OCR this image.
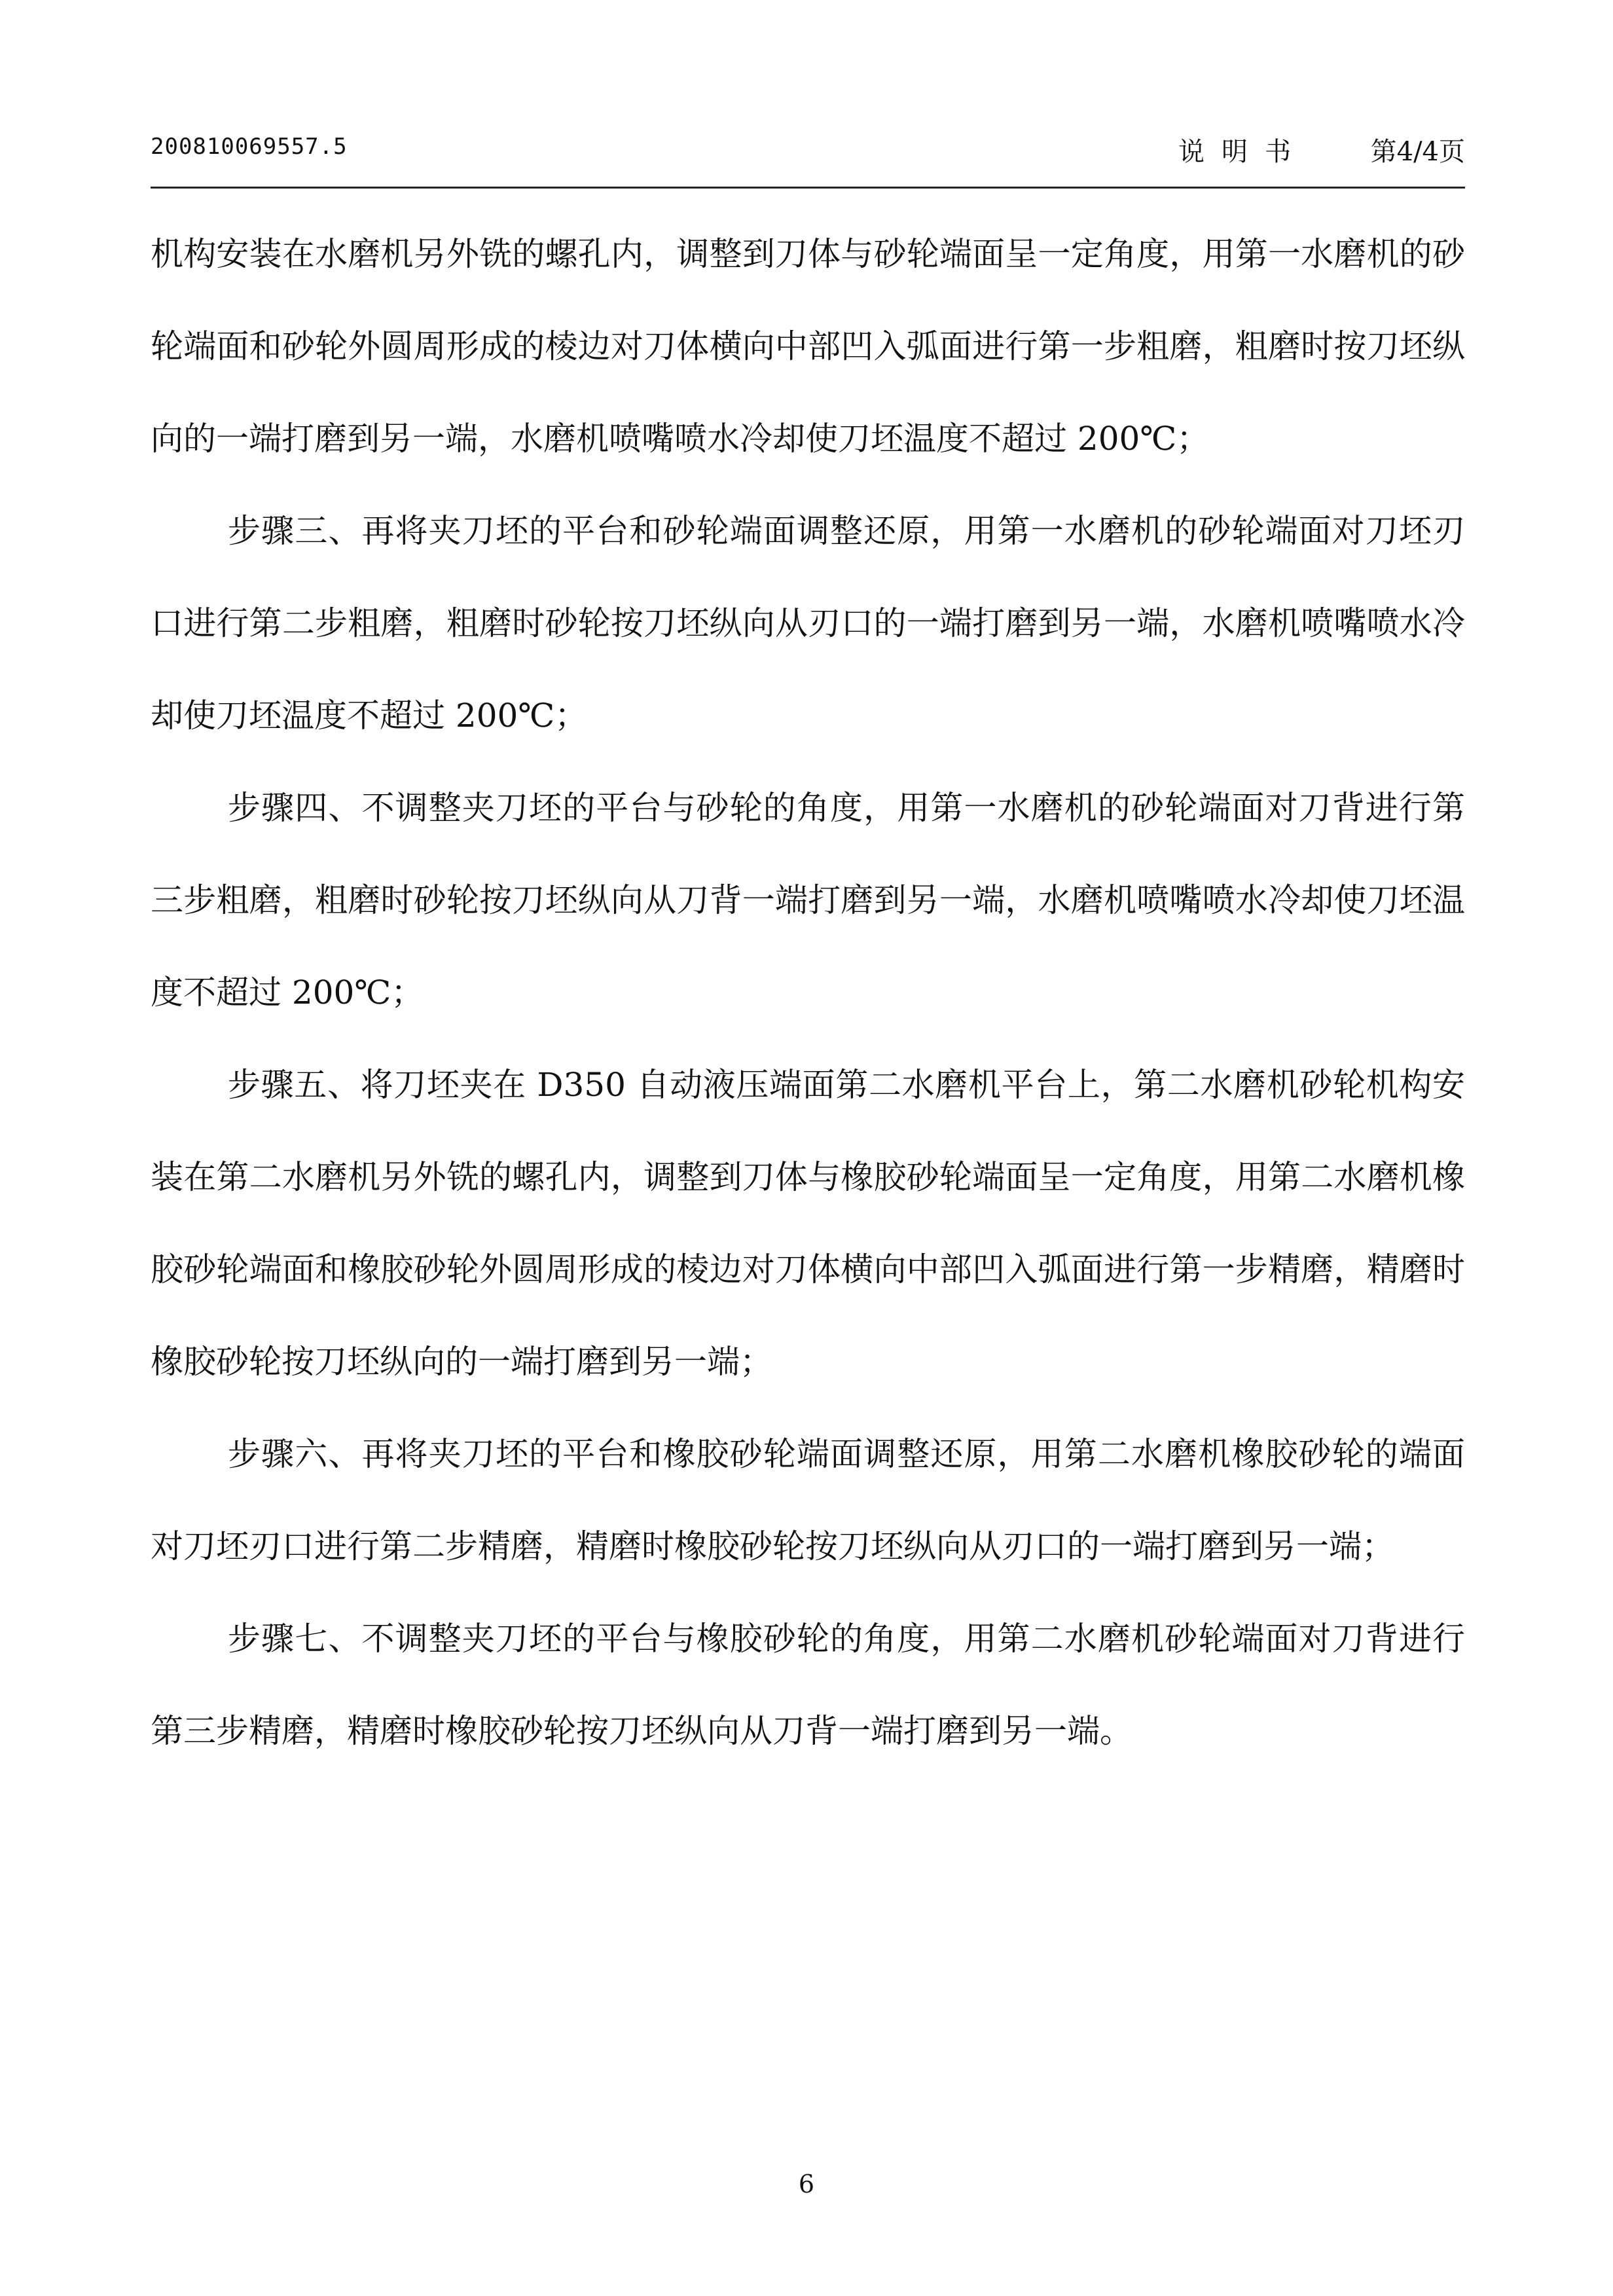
200810069557.5	说明书 第4/4页

机构安装在水磨机另外铣的螺孔内，调整到刀体与砂轮端面呈一定角度，用第一水磨机的砂轮端面和砂轮外圆周形成的棱边对刀体横向中部凹入弧面进行第一步粗磨，粗磨时按刀坯纵向的一端打磨到另一端，水磨机喷嘴喷水冷却使刀坯温度不超过 200℃；

步骤三、再将夹刀坯的平台和砂轮端面调整还原，用第一水磨机的砂轮端面对刀坯刃口进行第二步粗磨，粗磨时砂轮按刀坯纵向从刃口的一端打磨到另一端，水磨机喷嘴喷水冷却使刀坯温度不超过 200℃；

步骤四、不调整夹刀坯的平台与砂轮的角度，用第一水磨机的砂轮端面对刀背进行第三步粗磨，粗磨时砂轮按刀坯纵向从刀背一端打磨到另一端，水磨机喷嘴喷水冷却使刀坯温度不超过 200℃；

步骤五、将刀坯夹在 D350 自动液压端面第二水磨机平台上，第二水磨机砂轮机构安装在第二水磨机另外铣的螺孔内，调整到刀体与橡胶砂轮端面呈一定角度，用第二水磨机橡胶砂轮端面和橡胶砂轮外圆周形成的棱边对刀体横向中部凹入弧面进行第一步精磨，精磨时橡胶砂轮按刀坯纵向的一端打磨到另一端；

步骤六、再将夹刀坯的平台和橡胶砂轮端面调整还原，用第二水磨机橡胶砂轮的端面对刀坯刃口进行第二步精磨，精磨时橡胶砂轮按刀坯纵向从刃口的一端打磨到另一端；

步骤七、不调整夹刀坯的平台与橡胶砂轮的角度，用第二水磨机砂轮端面对刀背进行第三步精磨，精磨时橡胶砂轮按刀坯纵向从刀背一端打磨到另一端。

6
